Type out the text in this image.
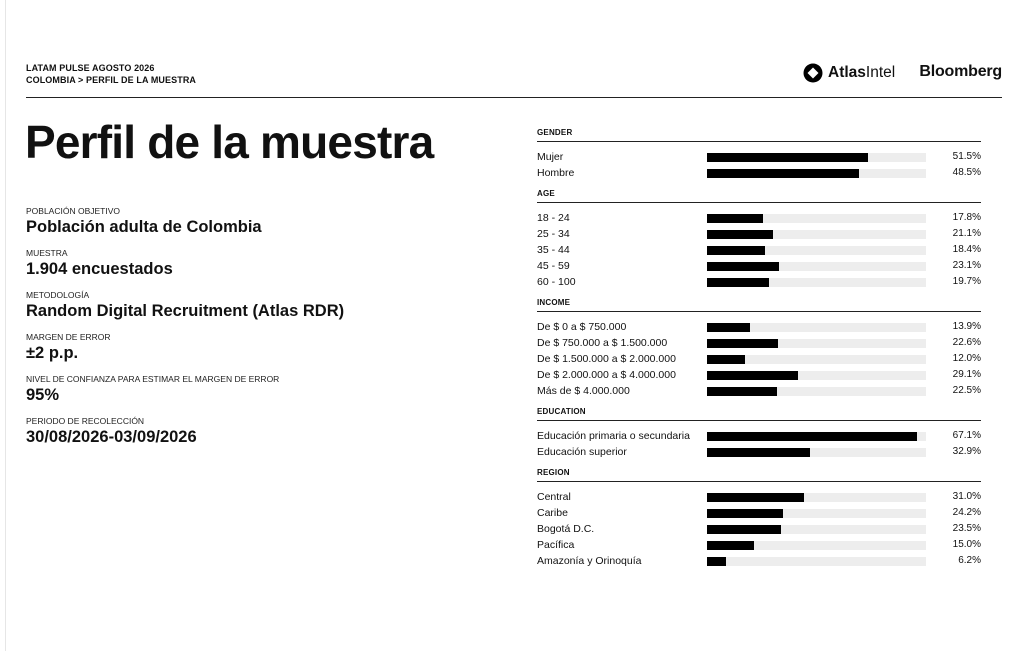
LATAM PULSE AGOSTO 2026
COLOMBIA > PERFIL DE LA MUESTRA	AtlasIntel Bloomberg
Perfil de la muestra
POBLACIÓN OBJETIVO
Población adulta de Colombia
MUESTRA
1.904 encuestados
METODOLOGÍA
Random Digital Recruitment (Atlas RDR)
MARGEN DE ERROR
±2 p.p.
NIVEL DE CONFIANZA PARA ESTIMAR EL MARGEN DE ERROR
95%
PERIODO DE RECOLECCIÓN
30/08/2026-03/09/2026
GENDER
Mujer	51.5%
Hombre	48.5%
AGE
18 - 24	17.8%
25 - 34	21.1%
35 - 44	18.4%
45 - 59	23.1%
60 - 100	19.7%
INCOME
De $ 0 a $ 750.000	13.9%
De $ 750.000 a $ 1.500.000	22.6%
De $ 1.500.000 a $ 2.000.000	12.0%
De $ 2.000.000 a $ 4.000.000	29.1%
Más de $ 4.000.000	22.5%
EDUCATION
Educación primaria o secundaria	67.1%
Educación superior	32.9%
REGION
Central	31.0%
Caribe	24.2%
Bogotá D.C.	23.5%
Pacífica	15.0%
Amazonía y Orinoquía	6.2%
